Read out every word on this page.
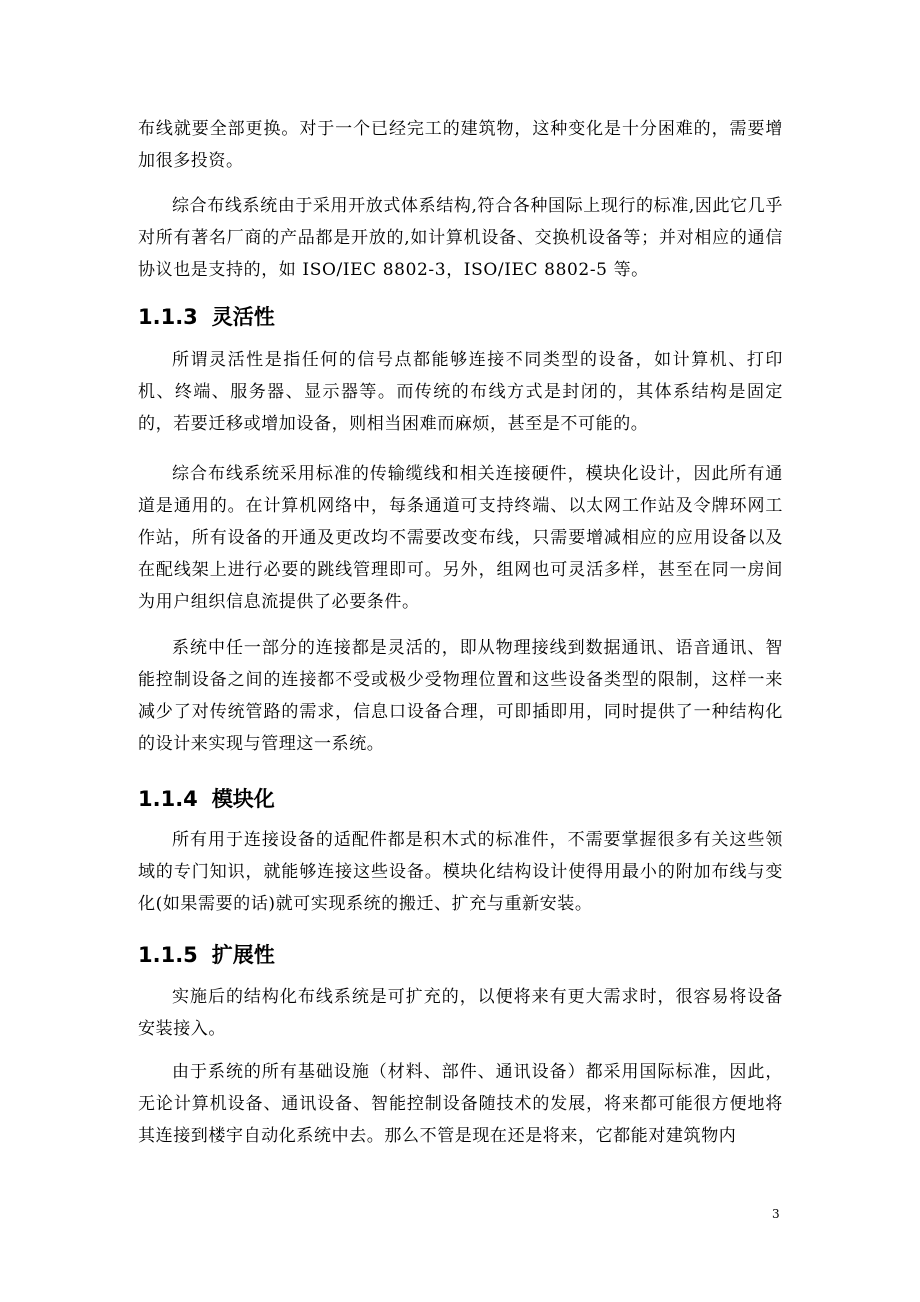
布线就要全部更换。对于一个已经完工的建筑物，这种变化是十分困难的，需要增加很多投资。

综合布线系统由于采用开放式体系结构,符合各种国际上现行的标准,因此它几乎对所有著名厂商的产品都是开放的,如计算机设备、交换机设备等；并对相应的通信协议也是支持的，如 ISO/IEC 8802-3，ISO/IEC 8802-5 等。

1.1.3 灵活性

所谓灵活性是指任何的信号点都能够连接不同类型的设备，如计算机、打印机、终端、服务器、显示器等。而传统的布线方式是封闭的，其体系结构是固定的，若要迁移或增加设备，则相当困难而麻烦，甚至是不可能的。

综合布线系统采用标准的传输缆线和相关连接硬件，模块化设计，因此所有通道是通用的。在计算机网络中，每条通道可支持终端、以太网工作站及令牌环网工作站，所有设备的开通及更改均不需要改变布线，只需要增减相应的应用设备以及在配线架上进行必要的跳线管理即可。另外，组网也可灵活多样，甚至在同一房间为用户组织信息流提供了必要条件。

系统中任一部分的连接都是灵活的，即从物理接线到数据通讯、语音通讯、智能控制设备之间的连接都不受或极少受物理位置和这些设备类型的限制，这样一来减少了对传统管路的需求，信息口设备合理，可即插即用，同时提供了一种结构化的设计来实现与管理这一系统。

1.1.4 模块化

所有用于连接设备的适配件都是积木式的标准件，不需要掌握很多有关这些领域的专门知识，就能够连接这些设备。模块化结构设计使得用最小的附加布线与变化(如果需要的话)就可实现系统的搬迁、扩充与重新安装。

1.1.5 扩展性

实施后的结构化布线系统是可扩充的，以便将来有更大需求时，很容易将设备安装接入。

由于系统的所有基础设施（材料、部件、通讯设备）都采用国际标准，因此，无论计算机设备、通讯设备、智能控制设备随技术的发展，将来都可能很方便地将其连接到楼宇自动化系统中去。那么不管是现在还是将来，它都能对建筑物内

3
